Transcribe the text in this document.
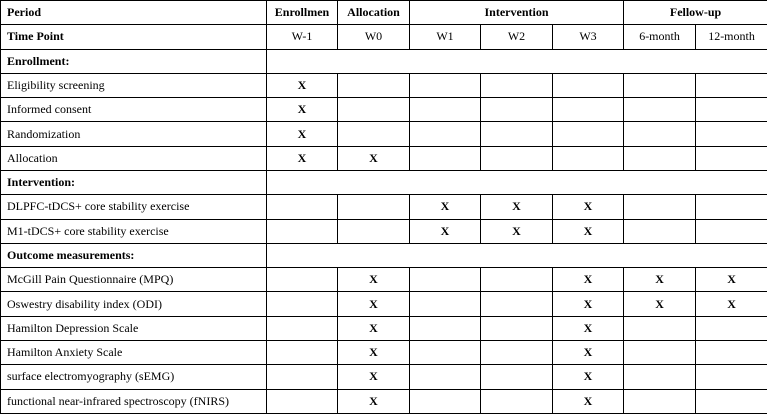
Period	Enrollmen	Allocation	Intervention			Fellow-up	
Time Point	W-1	W0	W1	W2	W3	6-month	12-month
Enrollment:							
Eligibility screening	X						
Informed consent	X						
Randomization	X						
Allocation	X	X					
Intervention:							
DLPFC-tDCS+ core stability exercise			X	X	X		
M1-tDCS+ core stability exercise			X	X	X		
Outcome measurements:							
McGill Pain Questionnaire (MPQ)		X			X	X	X
Oswestry disability index (ODI)		X			X	X	X
Hamilton Depression Scale		X			X		
Hamilton Anxiety Scale		X			X		
surface electromyography (sEMG)		X			X		
functional near-infrared spectroscopy (fNIRS)		X			X		
